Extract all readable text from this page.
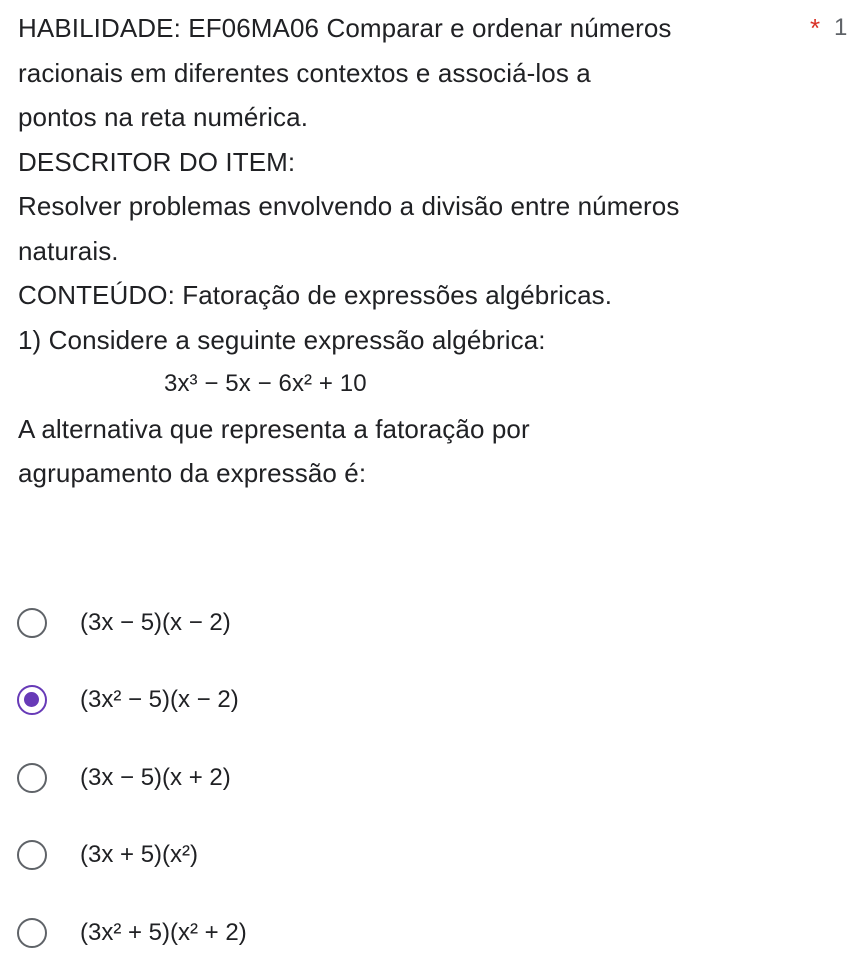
HABILIDADE: EF06MA06 Comparar e ordenar números	* 1
racionais em diferentes contextos e associá-los a
pontos na reta numérica.
DESCRITOR DO ITEM:
Resolver problemas envolvendo a divisão entre números
naturais.
CONTEÚDO: Fatoração de expressões algébricas.
1) Considere a seguinte expressão algébrica:
3x³ − 5x − 6x² + 10
A alternativa que representa a fatoração por
agrupamento da expressão é:
(3x − 5)(x − 2)
(3x² − 5)(x − 2)
(3x − 5)(x + 2)
(3x + 5)(x²)
(3x² + 5)(x² + 2)
